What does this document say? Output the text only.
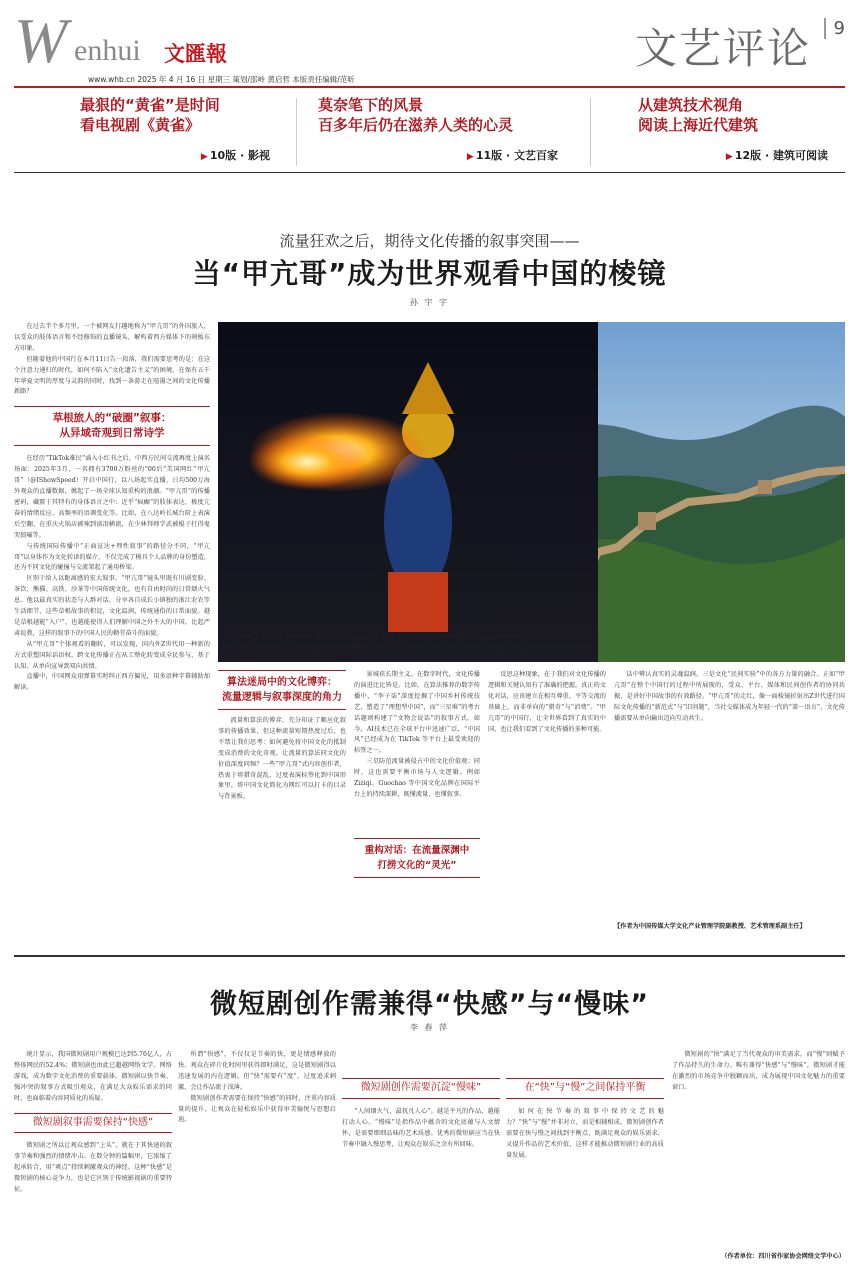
W enhui 文匯報	文艺评论	9
www.whb.cn 2025 年 4 月 16 日 星期三 策划/邵岭 黄启哲 本版责任编辑/范昕
最狠的“黄雀”是时间
看电视剧《黄雀》
▶ 10版 · 影视
莫奈笔下的风景
百多年后仍在滋养人类的心灵
▶ 11版 · 文艺百家
从建筑技术视角
阅读上海近代建筑
▶ 12版 · 建筑可阅读
流量狂欢之后，期待文化传播的叙事突围——
当“甲亢哥”成为世界观看中国的棱镜
孙 宇 宇

在过去半个多月里，一个被网友打趣地称为“甲亢哥”的外国旅人，以受众的肢体语言和不经修饰的直播镜头，解构着西方媒体下的刻板东方印象。

但随着他的中国行在本月11日告一段落，我们需要思考的是：在这个注意力递归的时代，如何不陷入“文化遗告主义”的困境，在保有五千年华夏文明的厚度与灵韵的同时，找到一条游走在喧嚣之间的文化传播新路？

草根旅人的“破圈”叙事：
从异域奇观到日常诗学

在经历“TikTok难民”涌入小红书之后，中西方民间交流再度上演名场面：2025年3月，一名拥有3700万粉丝的“00后”美国网红“甲亢哥”（@IShowSpeed）开启中国行，以八场起实直播，日均500万海外观众的直播数据，掀起了一场全球认知重构的浪潮。“甲亢哥”的传播密码，藏匿于其特有的身体语言之中：近乎“疯癫”的肢体表达、极度亢奋的情绪反应、高频率的语调变化等。比如，在八达岭长城台阶上表演后空翻，在重庆火锅店被辣到涕泪横流，在少林拜师学武被棍子打得鬼哭狼嚎等。

与传统国际传播中“正面宣达+理性叙事”的路径分不同，“甲亢哥”以身体作为文化转译的媒介，不仅完成了模具个人品牌的身份塑造，还为不同文化的碰撞与交流架起了通用桥梁。

区别于给人以距离感的宏大叙事，“甲亢哥”镜头里既有川剧变脸、茶饮、熊猫、高铁、沙茶等中国传统文化，也有自由时尚的日常烟火气息。他以最真实的状态与人群对话，分享各自成长小镇独的浙江农农等生活细节，这些草根故事的积淀，文化温润，传统通俗的日常面貌。越是草根越能“入户”，也越能使得人们理解中国之外不大的中国。比起严肃说教，这样的叙事下的中国人民的勤劳奋斗的面貌。

从“甲亢哥”个体观看的翻转，可以发现，国内外Z世代用一种新的方式重塑国际话语权，跨文化传播正在从工整化转变成全民参与、基于认知、从单向宣导到双向共情。

直播中，中国网众用弹幕实时纠正西方偏见，用多语种字幕辅助加解读。

美国网红“甲亢哥”的中国行，用镜头里的直播旅程，掀起一场全球认知重构的浪潮。他这趟旅行的到达与汇聚，在全球看见中国，也在多元的对话与互动中焕发新生。上图：左图为四川成都；右图为长城。（图源：视觉中国）
算法迷局中的文化博弈：
流量逻辑与叙事深度的角力

流量和算法的博弈，充分印证了顺应化叙事的传播效果，但这种流量短期热度过后，也不禁让我们思考：如何避免将中国文化的抵制变成消费的文化奇观，让流量的算法同文化的价值深度同频？一些“甲亢哥”式内容创作者，热衷于将猎奇混乱、过度表演标签化到中国形象里，将中国文化简化为网红可以打卡的目录与背景板。

景城获长期主义。在数字时代，文化传播的演进比比皆是。比如，在算法推荐的数字传播中，“李子柒”深度挖掘了中国乡村传统技艺，塑造了“理想型中国”，而“三星堆”的考古话题则构建了“文物会说话”的叙事方式。如今，AI技术已在全球平台中迅速广泛，“中国风”已经成为在 TikTok 等平台上最受欢迎的标签之一。

三星防范流量被侵占中的文化价值观；同时，这也需要平衡市场与人文逻辑。例如 Ziziqi、Guochao 等中国文化品牌在国际平台上的持续深耕，既懂流量，也懂叙事。

重构对话：在流量深渊中
打捞文化的“灵光”

反思这种现象，在于我们对文化传播的逻辑和关键认知有了准确的把握。真正的文化对话，应该建立在相互尊重、平等交流的基础上，而非单向的“猎奇”与“消费”。“甲亢哥”的中国行，让全世界看到了真实的中国，也让我们看到了文化传播的多种可能。

话中辨认真实的灵魂温润。三是文化“民间实验”中的各方力量的融合。正如“甲亢哥”在整个中国行的过程中所展现的，受众、平台、媒体和民间创作者的协同共振，是讲好中国故事的有效路径。“甲亢哥”的走红，像一面棱镜折射出Z世代进行国际文化传播的“新范式”与“旧问题”，当社交媒体成为年轻一代的“第一语言”，文化传播需要从单向输出迈向互动共生。

【作者为中国传媒大学文化产业管理学院副教授、艺术管理系副主任】
微短剧创作需兼得“快感”与“慢味”
李 春 萍

统计显示，我国微短剧用户规模已达到5.76亿人，占整体网民的52.4%；微短剧也由此已超越网络文学、网络游戏，成为数字文化消费的重要载体。微短剧以快节奏、强冲突的叙事方式吸引观众，在满足大众娱乐需求的同时，也面临着内容同质化的质疑。

微短剧叙事需要保持“快感”

微短剧之所以让观众感到“上头”，就在于其快速的叙事节奏和强烈的情绪冲击。在数分钟的篇幅里，它浓缩了起承转合，用“爽点”持续刺激观众的神经。这种“快感”是微短剧的核心竞争力，也是它区别于传统影视剧的重要特征。

所谓“快感”，不仅仅是节奏的快，更是情感释放的快。观众在碎片化时间里获得即时满足，这是微短剧得以迅速发展的内在逻辑。但“快”需要有“度”，过度追求刺激，会让作品流于浅薄。

微短剧创作者需要在保持“快感”的同时，注重内容质量的提升，让观众在轻松娱乐中获得审美愉悦与思想启迪。

微短剧创作需要沉淀“慢味”

“人间烟火气，最抚凡人心”。越是平凡的作品，越能打动人心。“慢味”是指作品中蕴含的文化底蕴与人文情怀，是需要细细品味的艺术质感。优秀的微短剧应当在快节奏中融入慢思考，让观众在娱乐之余有所回味。

在“快”与“慢”之间保持平衡

如何在快节奏的叙事中保持文艺的魅力？“快”与“慢”并非对立，而是相辅相成。微短剧创作者需要在快与慢之间找到平衡点，既满足观众的娱乐需求，又提升作品的艺术价值，这样才能推动微短剧行业的高质量发展。

微短剧的“快”满足了当代观众的审美需求，而“慢”则赋予了作品持久的生命力。唯有兼得“快感”与“慢味”，微短剧才能在激烈的市场竞争中脱颖而出，成为展现中国文化魅力的重要窗口。

（作者单位：四川省作家协会网络文学中心）
